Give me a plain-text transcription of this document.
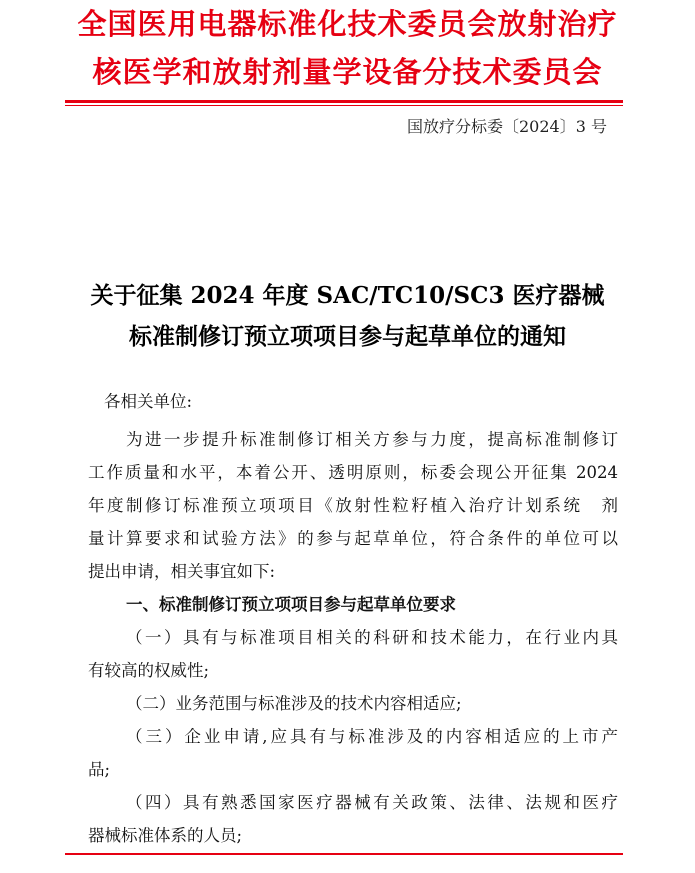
全国医用电器标准化技术委员会放射治疗
核医学和放射剂量学设备分技术委员会
国放疗分标委〔2024〕3 号
关于征集 2024 年度 SAC/TC10/SC3 医疗器械
标准制修订预立项项目参与起草单位的通知
各相关单位:
为进一步提升标准制修订相关方参与力度，提高标准制修订
工作质量和水平，本着公开、透明原则，标委会现公开征集 2024
年度制修订标准预立项项目《放射性粒籽植入治疗计划系统　剂
量计算要求和试验方法》的参与起草单位，符合条件的单位可以
提出申请，相关事宜如下:
一、标准制修订预立项项目参与起草单位要求
（一）具有与标准项目相关的科研和技术能力，在行业内具
有较高的权威性;
（二）业务范围与标准涉及的技术内容相适应;
（三）企业申请,应具有与标准涉及的内容相适应的上市产
品;
（四）具有熟悉国家医疗器械有关政策、法律、法规和医疗
器械标准体系的人员;
